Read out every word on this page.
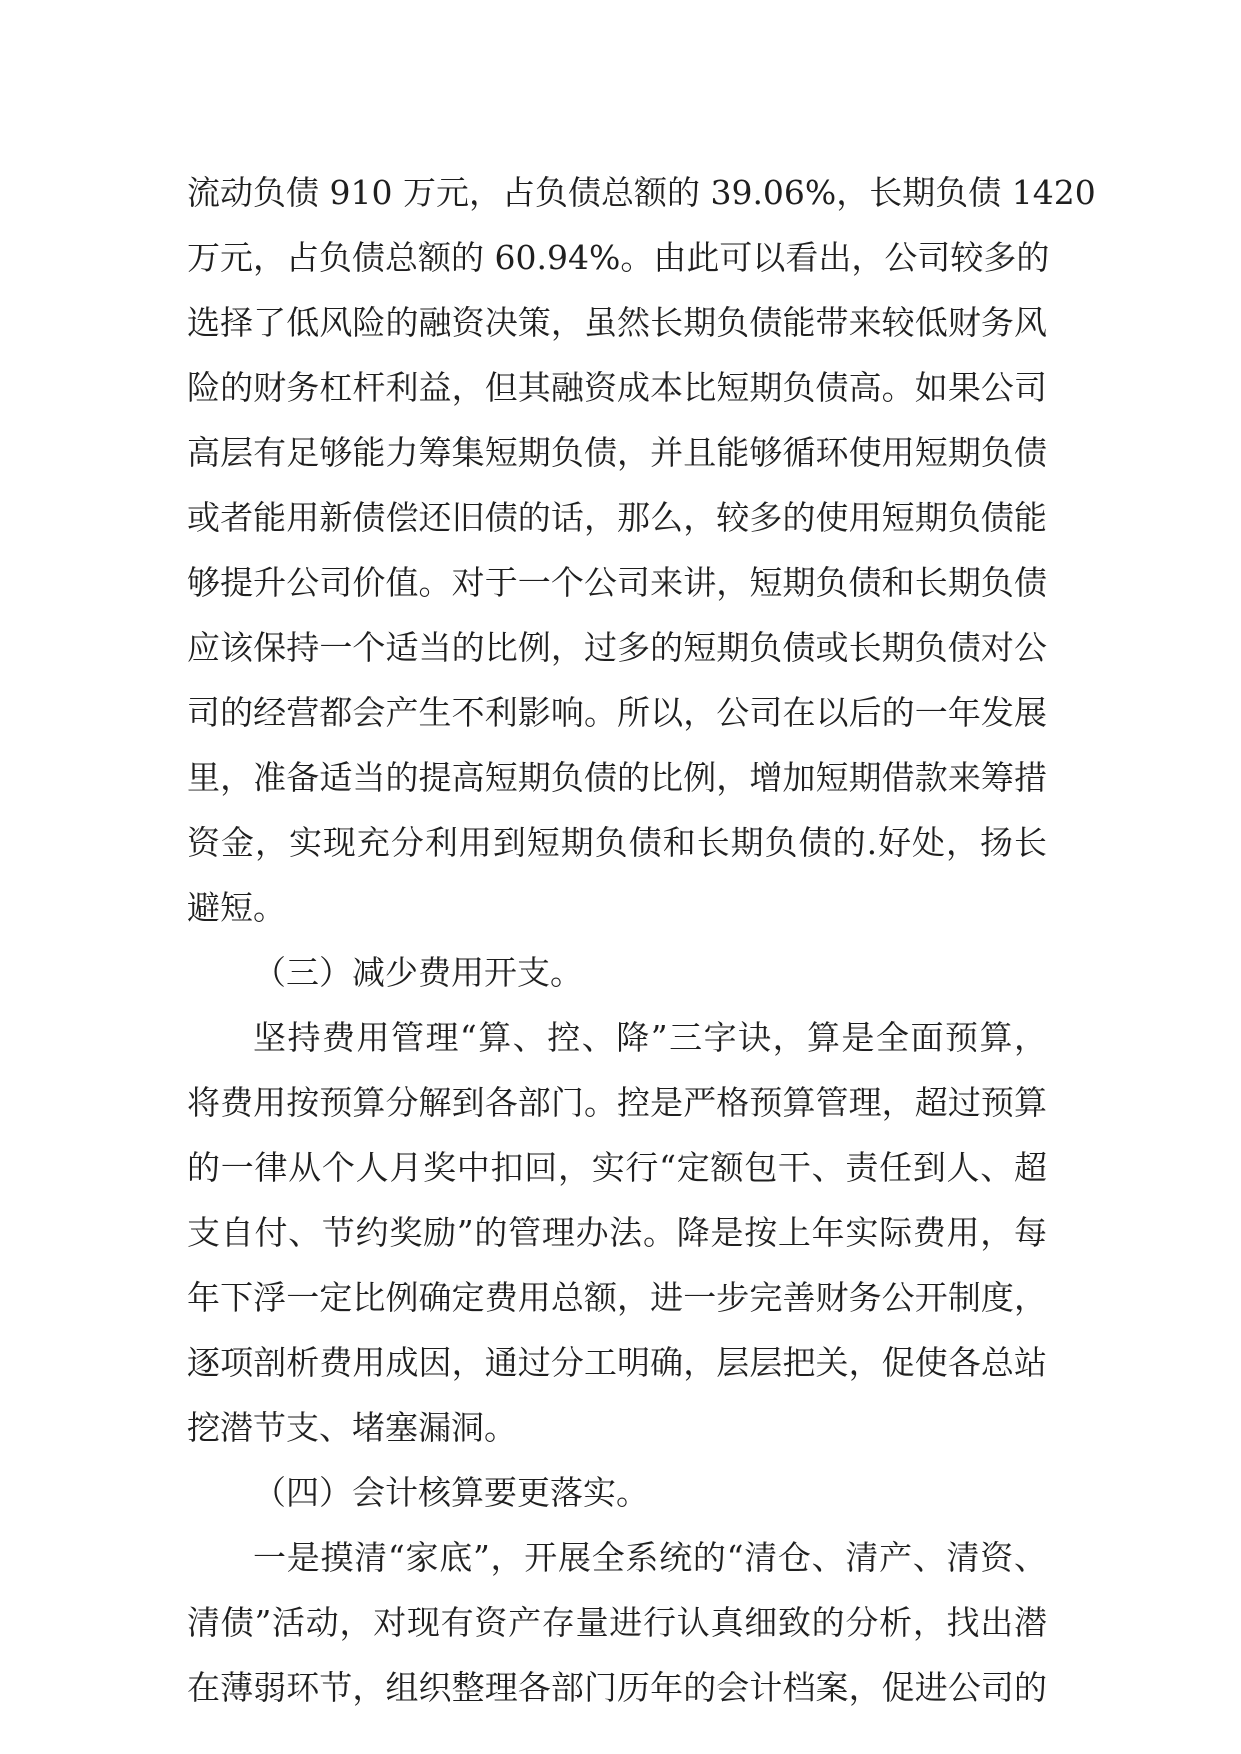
流动负债 910 万元，占负债总额的 39.06%，长期负债 1420
万元，占负债总额的 60.94%。由此可以看出，公司较多的
选择了低风险的融资决策，虽然长期负债能带来较低财务风
险的财务杠杆利益，但其融资成本比短期负债高。如果公司
高层有足够能力筹集短期负债，并且能够循环使用短期负债
或者能用新债偿还旧债的话，那么，较多的使用短期负债能
够提升公司价值。对于一个公司来讲，短期负债和长期负债
应该保持一个适当的比例，过多的短期负债或长期负债对公
司的经营都会产生不利影响。所以，公司在以后的一年发展
里，准备适当的提高短期负债的比例，增加短期借款来筹措
资金，实现充分利用到短期负债和长期负债的.好处，扬长
避短。
（三）减少费用开支。
坚持费用管理“算、控、降”三字诀，算是全面预算，
将费用按预算分解到各部门。控是严格预算管理，超过预算
的一律从个人月奖中扣回，实行“定额包干、责任到人、超
支自付、节约奖励”的管理办法。降是按上年实际费用，每
年下浮一定比例确定费用总额，进一步完善财务公开制度，
逐项剖析费用成因，通过分工明确，层层把关，促使各总站
挖潜节支、堵塞漏洞。
（四）会计核算要更落实。
一是摸清“家底”，开展全系统的“清仓、清产、清资、
清债”活动，对现有资产存量进行认真细致的分析，找出潜
在薄弱环节，组织整理各部门历年的会计档案，促进公司的
